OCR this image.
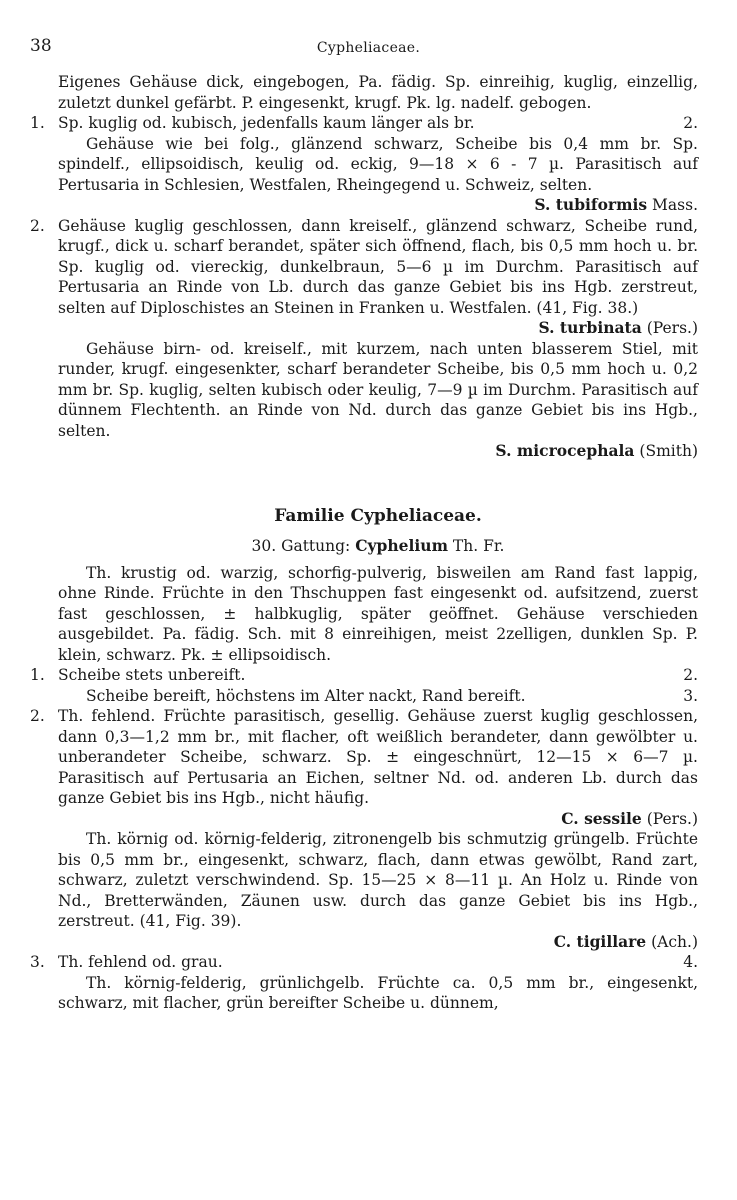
38	Cypheliaceae.

Eigenes Gehäuse dick, eingebogen, Pa. fädig. Sp. einreihig, kuglig, einzellig, zuletzt dunkel gefärbt. P. eingesenkt, krugf. Pk. lg. nadelf. gebogen.

1. Sp. kuglig od. kubisch, jedenfalls kaum länger als br.	2.

Gehäuse wie bei folg., glänzend schwarz, Scheibe bis 0,4 mm br. Sp. spindelf., ellipsoidisch, keulig od. eckig, 9—18 × 6 - 7 µ. Parasitisch auf Pertusaria in Schlesien, Westfalen, Rheingegend u. Schweiz, selten.
S. tubiformis Mass.

2. Gehäuse kuglig geschlossen, dann kreiself., glänzend schwarz, Scheibe rund, krugf., dick u. scharf berandet, später sich öffnend, flach, bis 0,5 mm hoch u. br. Sp. kuglig od. viereckig, dunkelbraun, 5—6 µ im Durchm. Parasitisch auf Pertusaria an Rinde von Lb. durch das ganze Gebiet bis ins Hgb. zerstreut, selten auf Diploschistes an Steinen in Franken u. Westfalen. (41, Fig. 38.)

S. turbinata (Pers.)

Gehäuse birn- od. kreiself., mit kurzem, nach unten blasserem Stiel, mit runder, krugf. eingesenkter, scharf berandeter Scheibe, bis 0,5 mm hoch u. 0,2 mm br. Sp. kuglig, selten kubisch oder keulig, 7—9 µ im Durchm. Parasitisch auf dünnem Flechtenth. an Rinde von Nd. durch das ganze Gebiet bis ins Hgb., selten.

S. microcephala (Smith)

Familie Cypheliaceae.
30. Gattung: Cyphelium Th. Fr.

Th. krustig od. warzig, schorfig-pulverig, bisweilen am Rand fast lappig, ohne Rinde. Früchte in den Thschuppen fast eingesenkt od. aufsitzend, zuerst fast geschlossen, ± halbkuglig, später geöffnet. Gehäuse verschieden ausgebildet. Pa. fädig. Sch. mit 8 einreihigen, meist 2zelligen, dunklen Sp. P. klein, schwarz. Pk. ± ellipsoidisch.

1. Scheibe stets unbereift.	2.

Scheibe bereift, höchstens im Alter nackt, Rand bereift.	3.

2. Th. fehlend. Früchte parasitisch, gesellig. Gehäuse zuerst kuglig geschlossen, dann 0,3—1,2 mm br., mit flacher, oft weißlich berandeter, dann gewölbter u. unberandeter Scheibe, schwarz. Sp. ± eingeschnürt, 12—15 × 6—7 µ. Parasitisch auf Pertusaria an Eichen, seltner Nd. od. anderen Lb. durch das ganze Gebiet bis ins Hgb., nicht häufig.
C. sessile (Pers.)

Th. körnig od. körnig-felderig, zitronengelb bis schmutzig grüngelb. Früchte bis 0,5 mm br., eingesenkt, schwarz, flach, dann etwas gewölbt, Rand zart, schwarz, zuletzt verschwindend. Sp. 15—25 × 8—11 µ. An Holz u. Rinde von Nd., Bretterwänden, Zäunen usw. durch das ganze Gebiet bis ins Hgb., zerstreut. (41, Fig. 39).
C. tigillare (Ach.)

3. Th. fehlend od. grau.	4.

Th. körnig-felderig, grünlichgelb. Früchte ca. 0,5 mm br., eingesenkt, schwarz, mit flacher, grün bereifter Scheibe u. dünnem,
